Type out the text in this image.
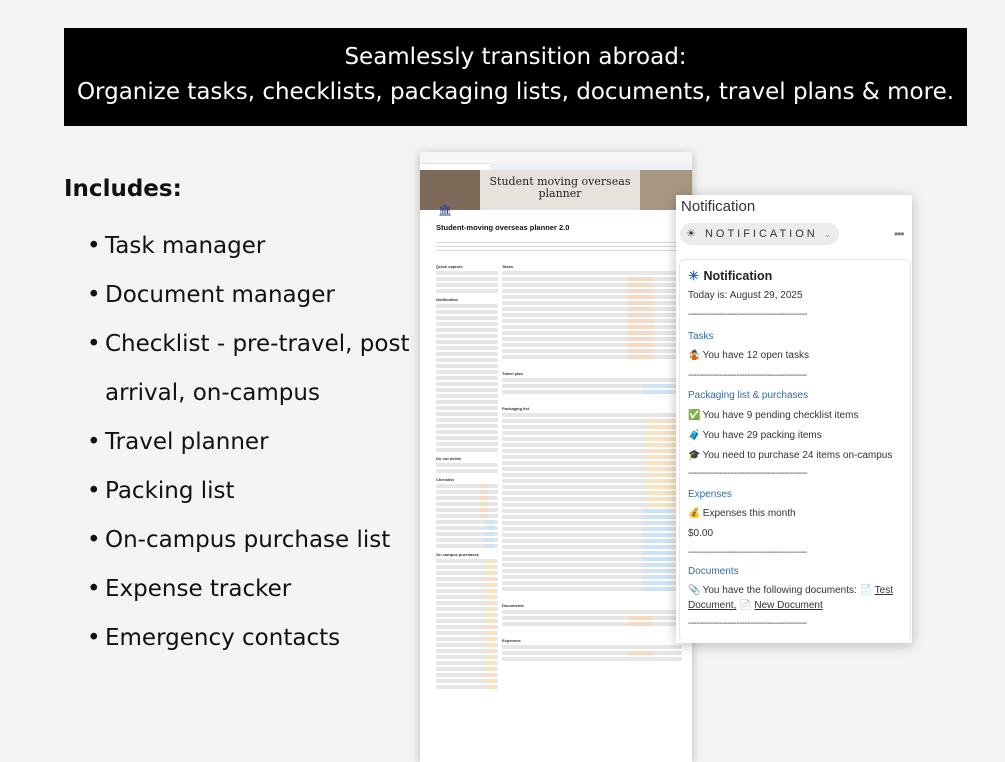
Seamlessly transition abroad:
Organize tasks, checklists, packaging lists, documents, travel plans & more.
Includes:
• Task manager
• Document manager
• Checklist - pre-travel, post
arrival, on-campus
• Travel planner
• Packing list
• On-campus purchase list
• Expense tracker
• Emergency contacts
Student moving overseas planner
🏛
Student-moving overseas planner 2.0
Quick capture
Notification
Do not delete
Checklist
On campus purchases
Tasks
Travel plan
Packaging list
Documents
Expenses
Notification
☀ NOTIFICATION ⌄	•••
☀ Notification
Today is: August 29, 2025
------------------------------------------
Tasks
🤹 You have 12 open tasks
------------------------------------------
Packaging list & purchases
✅ You have 9 pending checklist items
🧳 You have 29 packing items
🎓 You need to purchase 24 items on-campus
------------------------------------------
Expenses
💰 Expenses this month
$0.00
------------------------------------------
Documents
📎 You have the following documents: 📄 Test
Document, 📄 New Document
------------------------------------------
